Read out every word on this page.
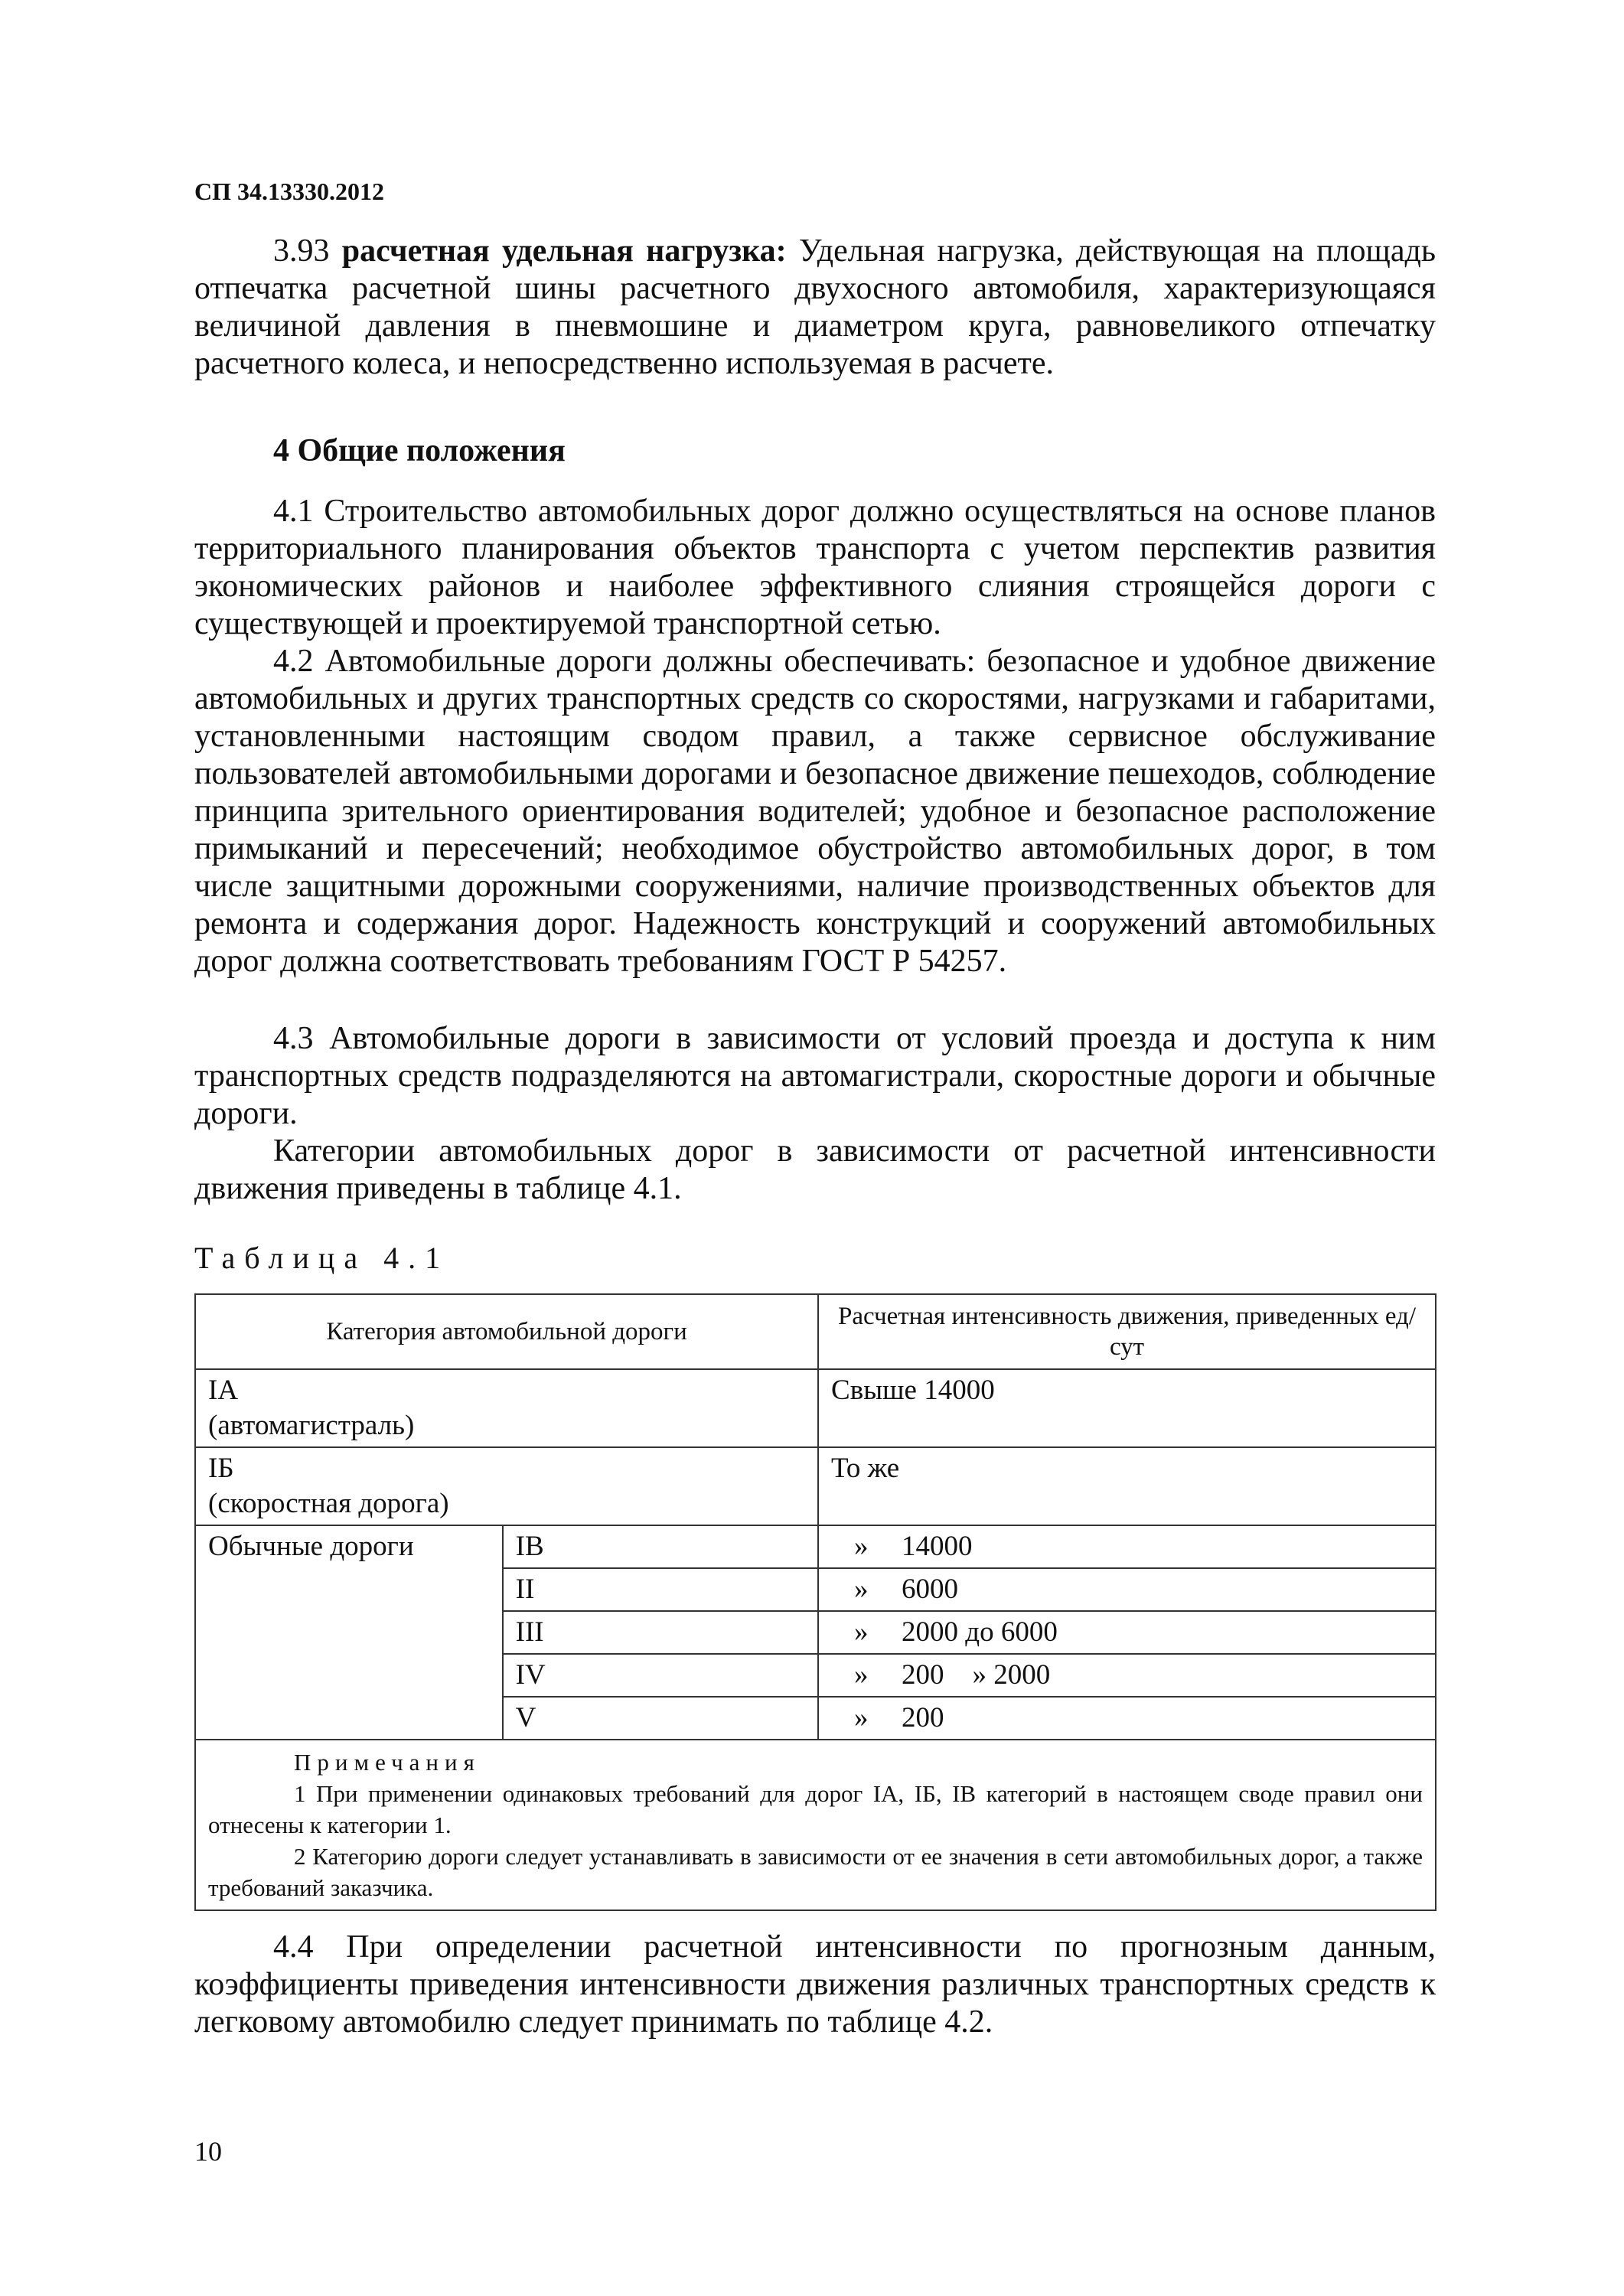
СП 34.13330.2012

3.93 расчетная удельная нагрузка: Удельная нагрузка, действующая на площадь отпечатка расчетной шины расчетного двухосного автомобиля, характеризующаяся величиной давления в пневмошине и диаметром круга, равновеликого отпечатку расчетного колеса, и непосредственно используемая в расчете.

4 Общие положения

4.1 Строительство автомобильных дорог должно осуществляться на основе планов территориального планирования объектов транспорта с учетом перспектив развития экономических районов и наиболее эффективного слияния строящейся дороги с существующей и проектируемой транспортной сетью.

4.2 Автомобильные дороги должны обеспечивать: безопасное и удобное движение автомобильных и других транспортных средств со скоростями, нагрузками и габаритами, установленными настоящим сводом правил, а также сервисное обслуживание пользователей автомобильными дорогами и безопасное движение пешеходов, соблюдение принципа зрительного ориентирования водителей; удобное и безопасное расположение примыканий и пересечений; необходимое обустройство автомобильных дорог, в том числе защитными дорожными сооружениями, наличие производственных объектов для ремонта и содержания дорог. Надежность конструкций и сооружений автомобильных дорог должна соответствовать требованиям ГОСТ Р 54257.

4.3 Автомобильные дороги в зависимости от условий проезда и доступа к ним транспортных средств подразделяются на автомагистрали, скоростные дороги и обычные дороги.

Категории автомобильных дорог в зависимости от расчетной интенсивности движения приведены в таблице 4.1.

Таблица 4.1
Категория автомобильной дороги		Расчетная интенсивность движения, приведенных ед/сут

IА
(автомагистраль)		Свыше 14000

IБ
(скоростная дорога)		То же
Обычные дороги	IВ	» 14000
	II	» 6000
	III	» 2000 до 6000
	IV	» 200    » 2000
	V	» 200

Примечания
1 При применении одинаковых требований для дорог IА, IБ, IВ категорий в настоящем своде правил они отнесены к категории 1.
2 Категорию дороги следует устанавливать в зависимости от ее значения в сети автомобильных дорог, а также требований заказчика.		

4.4 При определении расчетной интенсивности по прогнозным данным, коэффициенты приведения интенсивности движения различных транспортных средств к легковому автомобилю следует принимать по таблице 4.2.

10
